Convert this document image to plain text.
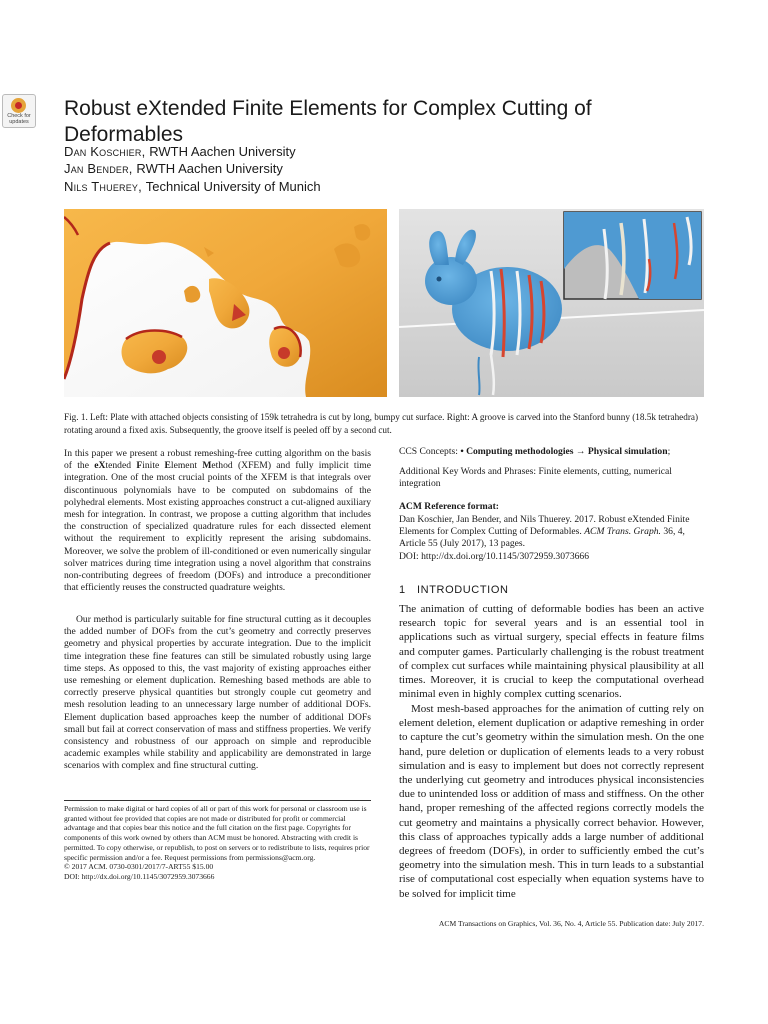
Check for updates
Robust eXtended Finite Elements for Complex Cutting of Deformables
Dan Koschier, RWTH Aachen University
Jan Bender, RWTH Aachen University
Nils Thuerey, Technical University of Munich
Fig. 1. Left: Plate with attached objects consisting of 159k tetrahedra is cut by long, bumpy cut surface. Right: A groove is carved into the Stanford bunny (18.5k tetrahedra) rotating around a fixed axis. Subsequently, the groove itself is peeled off by a second cut.
In this paper we present a robust remeshing-free cutting algorithm on the basis of the eXtended Finite Element Method (XFEM) and fully implicit time integration. One of the most crucial points of the XFEM is that integrals over discontinuous polynomials have to be computed on subdomains of the polyhedral elements. Most existing approaches construct a cut-aligned auxiliary mesh for integration. In contrast, we propose a cutting algorithm that includes the construction of specialized quadrature rules for each dissected element without the requirement to explicitly represent the arising subdomains. Moreover, we solve the problem of ill-conditioned or even numerically singular solver matrices during time integration using a novel algorithm that constrains non-contributing degrees of freedom (DOFs) and introduce a preconditioner that efficiently reuses the constructed quadrature weights.
Our method is particularly suitable for fine structural cutting as it decouples the added number of DOFs from the cut’s geometry and correctly preserves geometry and physical properties by accurate integration. Due to the implicit time integration these fine features can still be simulated robustly using large time steps. As opposed to this, the vast majority of existing approaches either use remeshing or element duplication. Remeshing based methods are able to correctly preserve physical quantities but strongly couple cut geometry and mesh resolution leading to an unnecessary large number of additional DOFs. Element duplication based approaches keep the number of additional DOFs small but fail at correct conservation of mass and stiffness properties. We verify consistency and robustness of our approach on simple and reproducible academic examples while stability and applicability are demonstrated in large scenarios with complex and fine structural cutting.
Permission to make digital or hard copies of all or part of this work for personal or classroom use is granted without fee provided that copies are not made or distributed for profit or commercial advantage and that copies bear this notice and the full citation on the first page. Copyrights for components of this work owned by others than ACM must be honored. Abstracting with credit is permitted. To copy otherwise, or republish, to post on servers or to redistribute to lists, requires prior specific permission and/or a fee. Request permissions from permissions@acm.org.
© 2017 ACM. 0730-0301/2017/7-ART55 $15.00
DOI: http://dx.doi.org/10.1145/3072959.3073666
CCS Concepts: • Computing methodologies → Physical simulation;
Additional Key Words and Phrases: Finite elements, cutting, numerical integration
ACM Reference format:
Dan Koschier, Jan Bender, and Nils Thuerey. 2017. Robust eXtended Finite Elements for Complex Cutting of Deformables. ACM Trans. Graph. 36, 4, Article 55 (July 2017), 13 pages.
DOI: http://dx.doi.org/10.1145/3072959.3073666
1 INTRODUCTION
The animation of cutting of deformable bodies has been an active research topic for several years and is an essential tool in applications such as virtual surgery, special effects in feature films and computer games. Particularly challenging is the robust treatment of complex cut surfaces while maintaining physical plausibility at all times. Moreover, it is crucial to keep the computational overhead minimal even in highly complex cutting scenarios.
Most mesh-based approaches for the animation of cutting rely on element deletion, element duplication or adaptive remeshing in order to capture the cut’s geometry within the simulation mesh. On the one hand, pure deletion or duplication of elements leads to a very robust simulation and is easy to implement but does not correctly represent the underlying cut geometry and introduces physical inconsistencies due to unintended loss or addition of mass and stiffness. On the other hand, proper remeshing of the affected regions correctly models the cut geometry and maintains a physically correct behavior. However, this class of approaches typically adds a large number of additional degrees of freedom (DOFs), in order to sufficiently embed the cut’s geometry into the simulation mesh. This in turn leads to a substantial rise of computational cost especially when equation systems have to be solved for implicit time
ACM Transactions on Graphics, Vol. 36, No. 4, Article 55. Publication date: July 2017.
